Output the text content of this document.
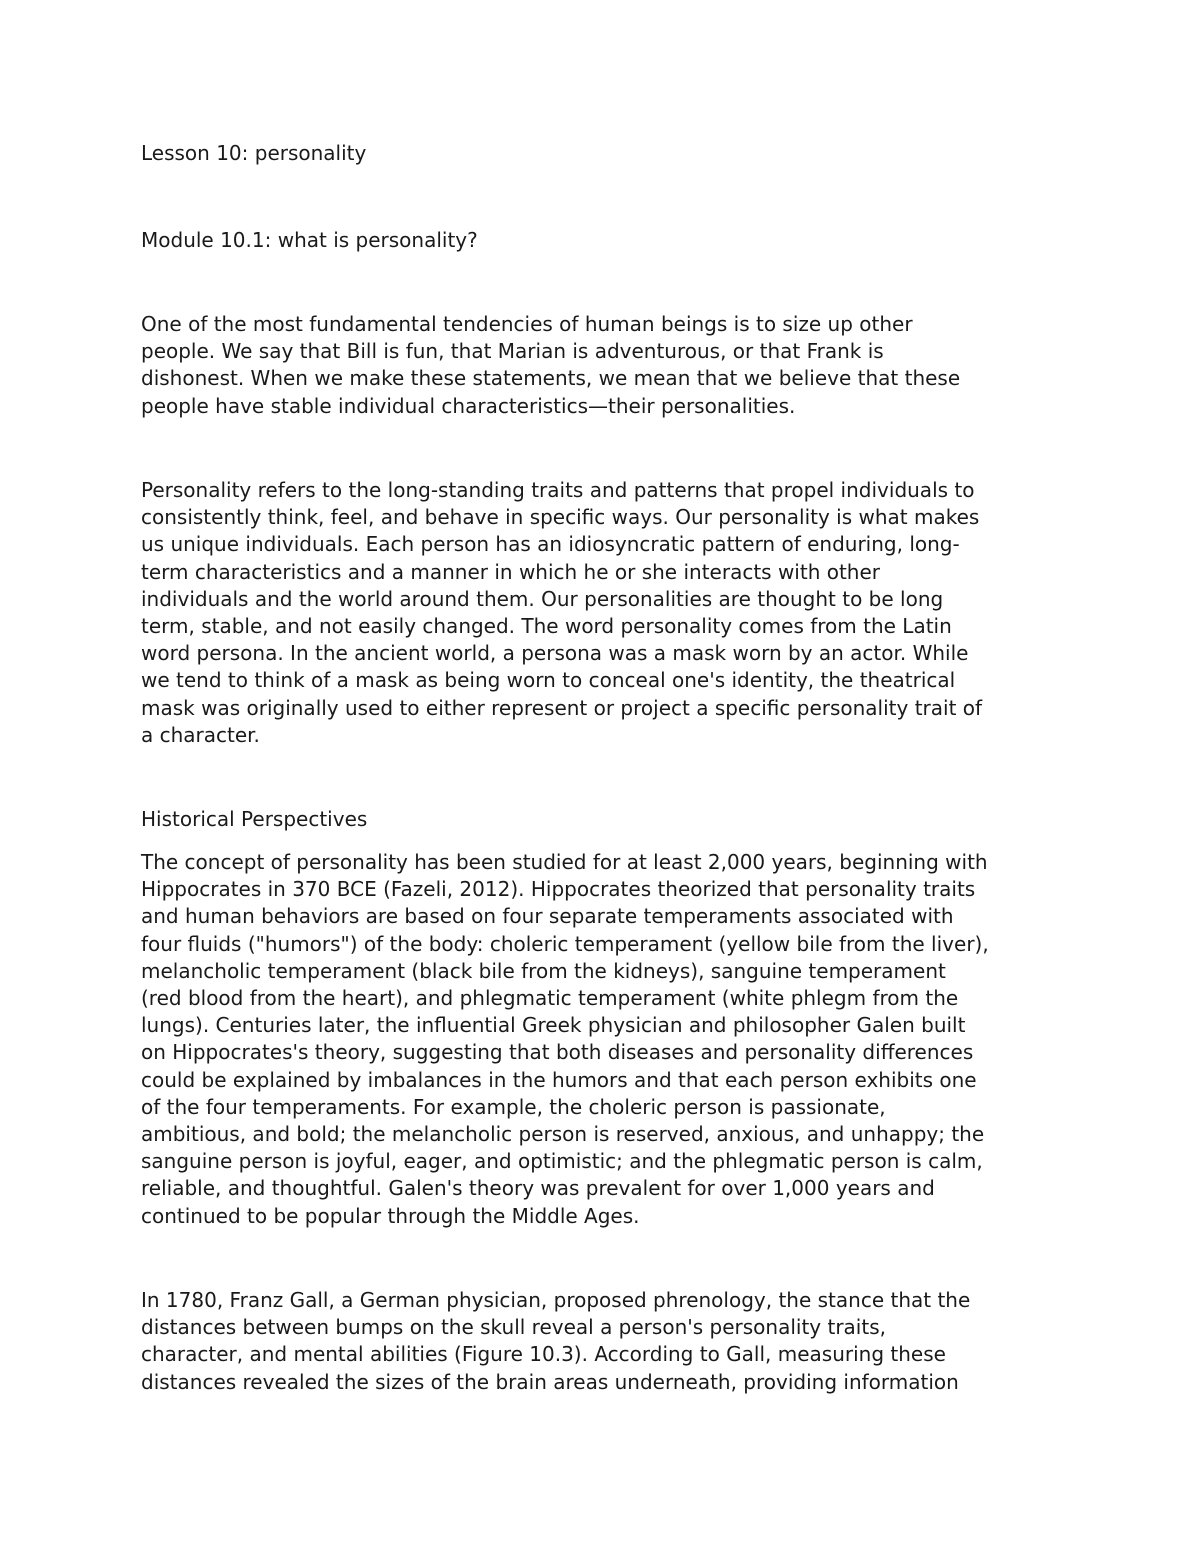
Lesson 10: personality
Module 10.1: what is personality?
One of the most fundamental tendencies of human beings is to size up other
people. We say that Bill is fun, that Marian is adventurous, or that Frank is
dishonest. When we make these statements, we mean that we believe that these
people have stable individual characteristics—their personalities.
Personality refers to the long-standing traits and patterns that propel individuals to
consistently think, feel, and behave in specific ways. Our personality is what makes
us unique individuals. Each person has an idiosyncratic pattern of enduring, long-
term characteristics and a manner in which he or she interacts with other
individuals and the world around them. Our personalities are thought to be long
term, stable, and not easily changed. The word personality comes from the Latin
word persona. In the ancient world, a persona was a mask worn by an actor. While
we tend to think of a mask as being worn to conceal one's identity, the theatrical
mask was originally used to either represent or project a specific personality trait of
a character.
Historical Perspectives
The concept of personality has been studied for at least 2,000 years, beginning with
Hippocrates in 370 BCE (Fazeli, 2012). Hippocrates theorized that personality traits
and human behaviors are based on four separate temperaments associated with
four fluids ("humors") of the body: choleric temperament (yellow bile from the liver),
melancholic temperament (black bile from the kidneys), sanguine temperament
(red blood from the heart), and phlegmatic temperament (white phlegm from the
lungs). Centuries later, the influential Greek physician and philosopher Galen built
on Hippocrates's theory, suggesting that both diseases and personality differences
could be explained by imbalances in the humors and that each person exhibits one
of the four temperaments. For example, the choleric person is passionate,
ambitious, and bold; the melancholic person is reserved, anxious, and unhappy; the
sanguine person is joyful, eager, and optimistic; and the phlegmatic person is calm,
reliable, and thoughtful. Galen's theory was prevalent for over 1,000 years and
continued to be popular through the Middle Ages.
In 1780, Franz Gall, a German physician, proposed phrenology, the stance that the
distances between bumps on the skull reveal a person's personality traits,
character, and mental abilities (Figure 10.3). According to Gall, measuring these
distances revealed the sizes of the brain areas underneath, providing information
